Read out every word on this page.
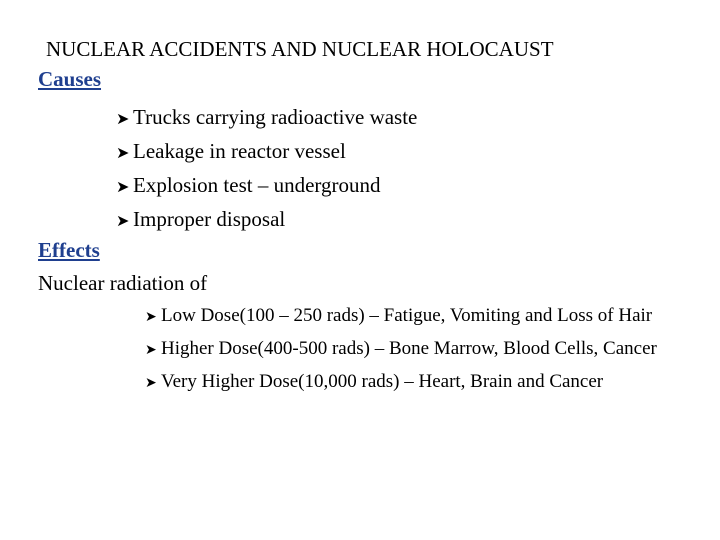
NUCLEAR ACCIDENTS AND NUCLEAR HOLOCAUST
Causes
➤ Trucks carrying radioactive waste
➤ Leakage in reactor vessel
➤ Explosion test – underground
➤ Improper disposal
Effects
Nuclear radiation of
➤ Low Dose(100 – 250 rads) – Fatigue, Vomiting and Loss of Hair
➤ Higher Dose(400-500 rads) – Bone Marrow, Blood Cells, Cancer
➤ Very Higher Dose(10,000 rads) – Heart, Brain and Cancer
